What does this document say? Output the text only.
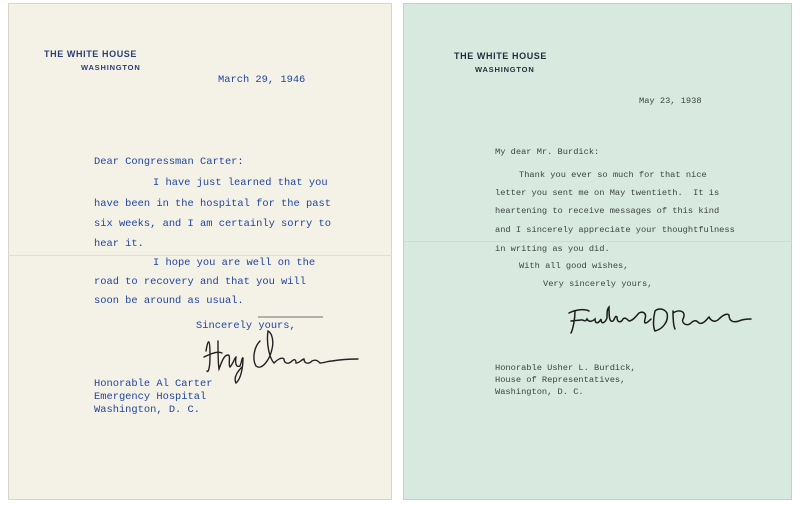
THE WHITE HOUSE
WASHINGTON
March 29, 1946
Dear Congressman Carter:
I have just learned that you
have been in the hospital for the past
six weeks, and I am certainly sorry to
hear it.
I hope you are well on the
road to recovery and that you will
soon be around as usual.
Sincerely yours,
Honorable Al Carter
Emergency Hospital
Washington, D. C.
THE WHITE HOUSE
WASHINGTON
May 23, 1938
My dear Mr. Burdick:
Thank you ever so much for that nice
letter you sent me on May twentieth.  It is
heartening to receive messages of this kind
and I sincerely appreciate your thoughtfulness
in writing as you did.
With all good wishes,
Very sincerely yours,
Honorable Usher L. Burdick,
House of Representatives,
Washington, D. C.
